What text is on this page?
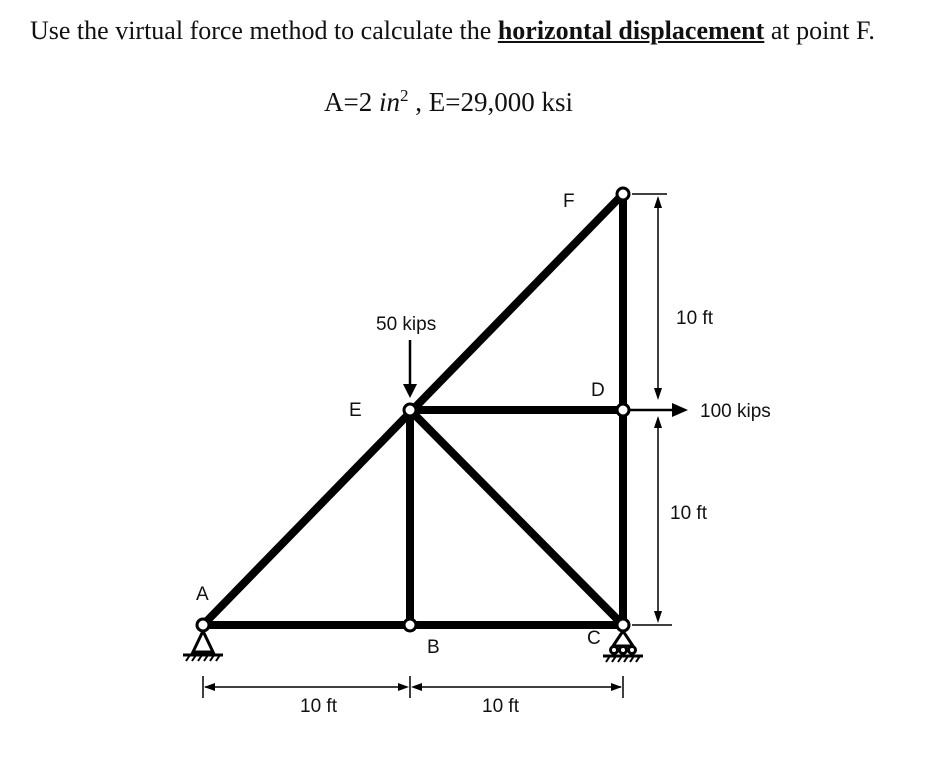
Use the virtual force method to calculate the horizontal displacement at point F.
A=2 $in^2$ , E=29,000 ksi
A
B	C
D
E
F
50 kips
100 kips
10 ft
10 ft
10 ft	10 ft
